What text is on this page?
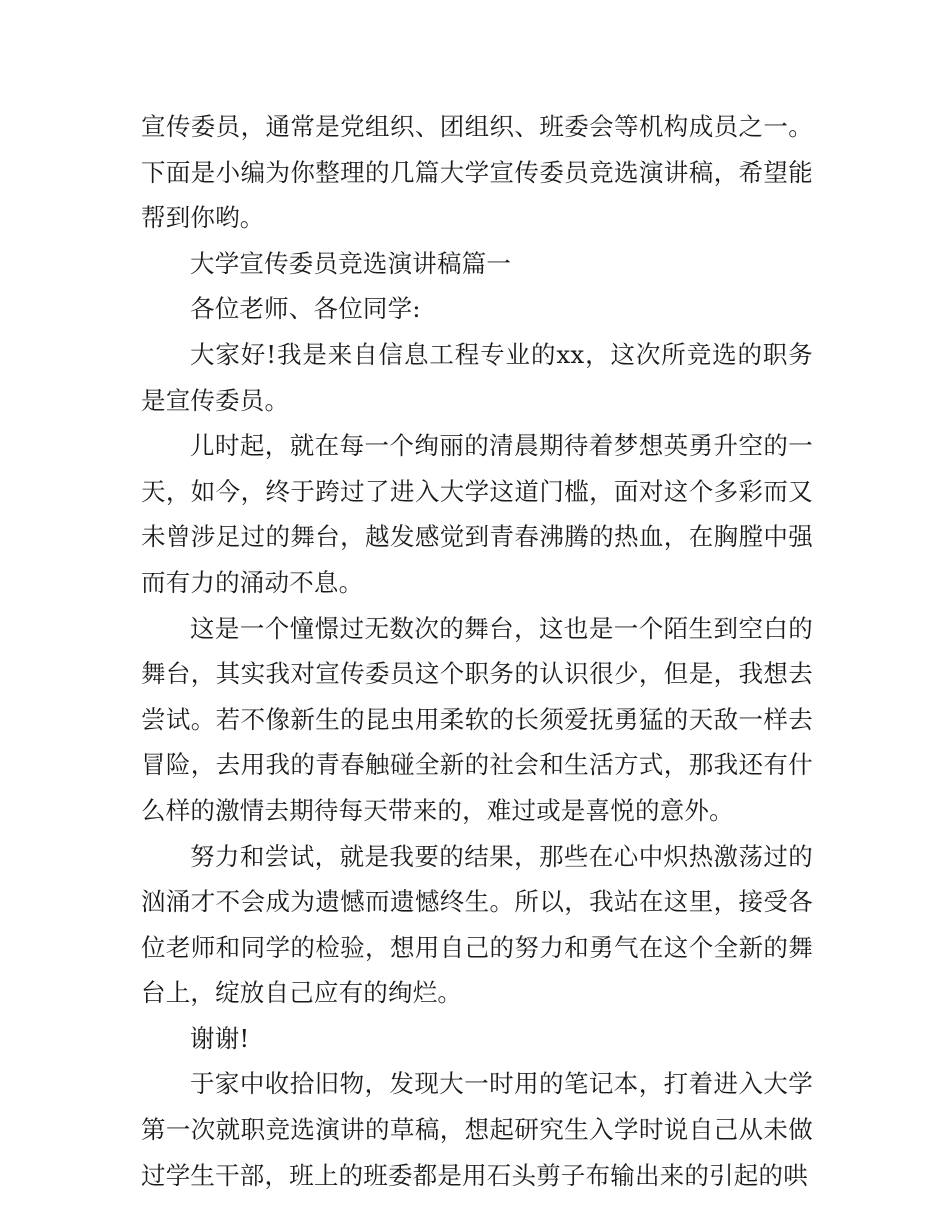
宣传委员，通常是党组织、团组织、班委会等机构成员之一。下面是小编为你整理的几篇大学宣传委员竞选演讲稿，希望能帮到你哟。

大学宣传委员竞选演讲稿篇一

各位老师、各位同学:

大家好!我是来自信息工程专业的xx，这次所竞选的职务是宣传委员。

儿时起，就在每一个绚丽的清晨期待着梦想英勇升空的一天，如今，终于跨过了进入大学这道门槛，面对这个多彩而又未曾涉足过的舞台，越发感觉到青春沸腾的热血，在胸膛中强而有力的涌动不息。

这是一个憧憬过无数次的舞台，这也是一个陌生到空白的舞台，其实我对宣传委员这个职务的认识很少，但是，我想去尝试。若不像新生的昆虫用柔软的长须爱抚勇猛的天敌一样去冒险，去用我的青春触碰全新的社会和生活方式，那我还有什么样的激情去期待每天带来的，难过或是喜悦的意外。

努力和尝试，就是我要的结果，那些在心中炽热激荡过的汹涌才不会成为遗憾而遗憾终生。所以，我站在这里，接受各位老师和同学的检验，想用自己的努力和勇气在这个全新的舞台上，绽放自己应有的绚烂。

谢谢!

于家中收拾旧物，发现大一时用的笔记本，打着进入大学第一次就职竞选演讲的草稿，想起研究生入学时说自己从未做过学生干部，班上的班委都是用石头剪子布输出来的引起的哄
